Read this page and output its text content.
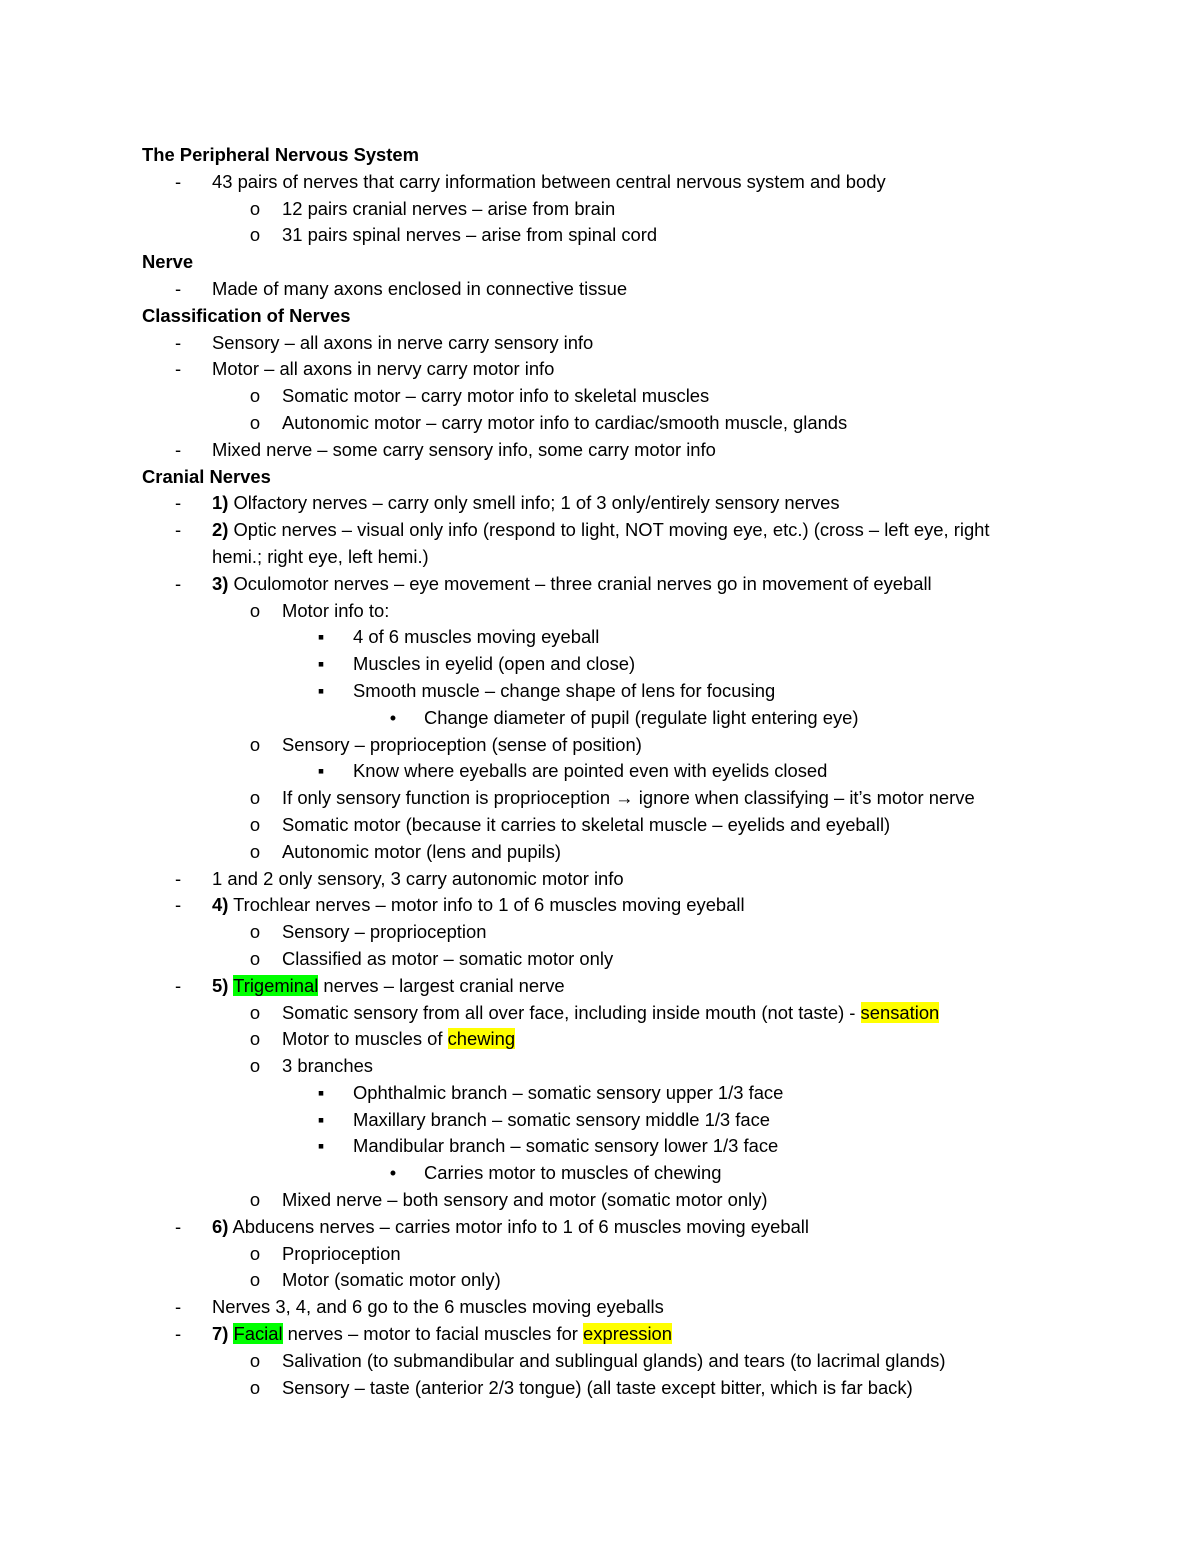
The Peripheral Nervous System
-	43 pairs of nerves that carry information between central nervous system and body
o 12 pairs cranial nerves – arise from brain
o 31 pairs spinal nerves – arise from spinal cord
Nerve
-	Made of many axons enclosed in connective tissue
Classification of Nerves
-	Sensory – all axons in nerve carry sensory info
-	Motor – all axons in nervy carry motor info
o Somatic motor – carry motor info to skeletal muscles
o Autonomic motor – carry motor info to cardiac/smooth muscle, glands
-	Mixed nerve – some carry sensory info, some carry motor info
Cranial Nerves
-	1) Olfactory nerves – carry only smell info; 1 of 3 only/entirely sensory nerves
-	2) Optic nerves – visual only info (respond to light, NOT moving eye, etc.) (cross – left eye, right
hemi.; right eye, left hemi.)
-	3) Oculomotor nerves – eye movement – three cranial nerves go in movement of eyeball
o Motor info to:
▪	4 of 6 muscles moving eyeball
▪	Muscles in eyelid (open and close)
▪	Smooth muscle – change shape of lens for focusing
•	Change diameter of pupil (regulate light entering eye)
o Sensory – proprioception (sense of position)
▪	Know where eyeballs are pointed even with eyelids closed
o If only sensory function is proprioception → ignore when classifying – it’s motor nerve
o Somatic motor (because it carries to skeletal muscle – eyelids and eyeball)
o Autonomic motor (lens and pupils)
-	1 and 2 only sensory, 3 carry autonomic motor info
-	4) Trochlear nerves – motor info to 1 of 6 muscles moving eyeball
o Sensory – proprioception
o Classified as motor – somatic motor only
-	5) Trigeminal nerves – largest cranial nerve
o Somatic sensory from all over face, including inside mouth (not taste) - sensation
o Motor to muscles of chewing
o 3 branches
▪	Ophthalmic branch – somatic sensory upper 1/3 face
▪	Maxillary branch – somatic sensory middle 1/3 face
▪	Mandibular branch – somatic sensory lower 1/3 face
•	Carries motor to muscles of chewing
o Mixed nerve – both sensory and motor (somatic motor only)
-	6) Abducens nerves – carries motor info to 1 of 6 muscles moving eyeball
o Proprioception
o Motor (somatic motor only)
-	Nerves 3, 4, and 6 go to the 6 muscles moving eyeballs
-	7) Facial nerves – motor to facial muscles for expression
o Salivation (to submandibular and sublingual glands) and tears (to lacrimal glands)
o Sensory – taste (anterior 2/3 tongue) (all taste except bitter, which is far back)
